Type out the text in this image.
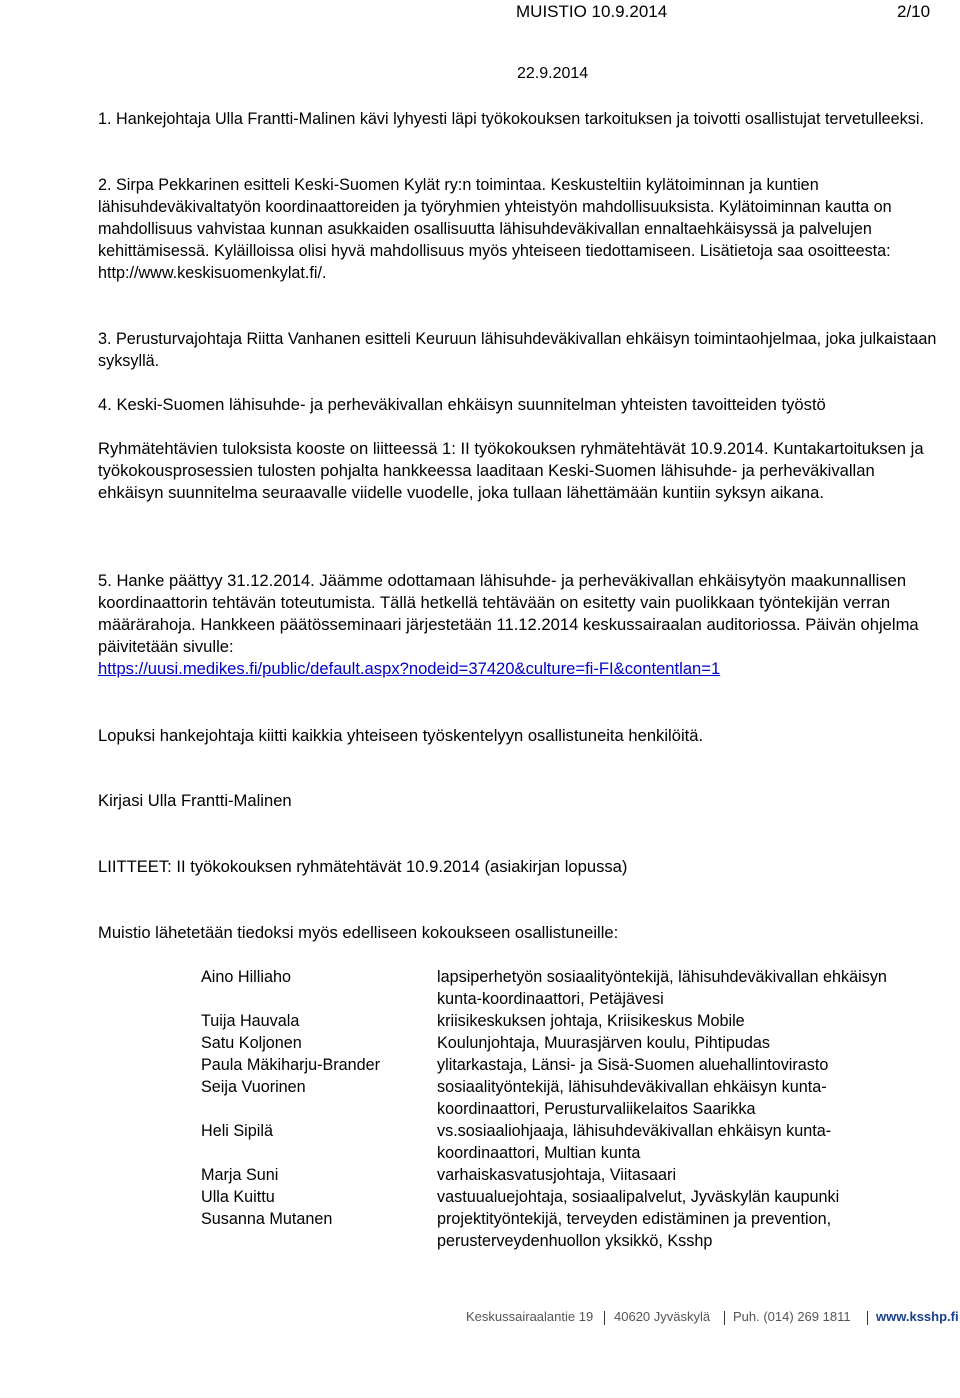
MUISTIO 10.9.2014	2/10
22.9.2014

1. Hankejohtaja Ulla Frantti-Malinen kävi lyhyesti läpi työkokouksen tarkoituksen ja toivotti osallistujat tervetulleeksi.

2. Sirpa Pekkarinen esitteli Keski-Suomen Kylät ry:n toimintaa. Keskusteltiin kylätoiminnan ja kuntien lähisuhdeväkivaltatyön koordinaattoreiden ja työryhmien yhteistyön mahdollisuuksista. Kylätoiminnan kautta on mahdollisuus vahvistaa kunnan asukkaiden osallisuutta lähisuhdeväkivallan ennaltaehkäisyssä ja palvelujen kehittämisessä. Kyläilloissa olisi hyvä mahdollisuus myös yhteiseen tiedottamiseen. Lisätietoja saa osoitteesta: http://www.keskisuomenkylat.fi/.

3. Perusturvajohtaja Riitta Vanhanen esitteli Keuruun lähisuhdeväkivallan ehkäisyn toimintaohjelmaa, joka julkaistaan syksyllä.

4. Keski-Suomen lähisuhde- ja perheväkivallan ehkäisyn suunnitelman yhteisten tavoitteiden työstö

Ryhmätehtävien tuloksista kooste on liitteessä 1: II työkokouksen ryhmätehtävät 10.9.2014. Kuntakartoituksen ja työkokousprosessien tulosten pohjalta hankkeessa laaditaan Keski-Suomen lähisuhde- ja perheväkivallan ehkäisyn suunnitelma seuraavalle viidelle vuodelle, joka tullaan lähettämään kuntiin syksyn aikana.

5. Hanke päättyy 31.12.2014. Jäämme odottamaan lähisuhde- ja perheväkivallan ehkäisytyön maakunnallisen koordinaattorin tehtävän toteutumista. Tällä hetkellä tehtävään on esitetty vain puolikkaan työntekijän verran määrärahoja. Hankkeen päätösseminaari järjestetään 11.12.2014 keskussairaalan auditoriossa. Päivän ohjelma päivitetään sivulle:
https://uusi.medikes.fi/public/default.aspx?nodeid=37420&culture=fi-FI&contentlan=1

Lopuksi hankejohtaja kiitti kaikkia yhteiseen työskentelyyn osallistuneita henkilöitä.
Kirjasi Ulla Frantti-Malinen
LIITTEET: II työkokouksen ryhmätehtävät 10.9.2014 (asiakirjan lopussa)
Muistio lähetetään tiedoksi myös edelliseen kokoukseen osallistuneille:
Aino Hilliaho	lapsiperhetyön sosiaalityöntekijä, lähisuhdeväkivallan ehkäisyn kunta-koordinaattori, Petäjävesi
Tuija Hauvala	kriisikeskuksen johtaja, Kriisikeskus Mobile
Satu Koljonen	Koulunjohtaja, Muurasjärven koulu, Pihtipudas
Paula Mäkiharju-Brander	ylitarkastaja, Länsi- ja Sisä-Suomen aluehallintovirasto
Seija Vuorinen	sosiaalityöntekijä, lähisuhdeväkivallan ehkäisyn kunta-koordinaattori, Perusturvaliikelaitos Saarikka
Heli Sipilä	vs.sosiaaliohjaaja, lähisuhdeväkivallan ehkäisyn kunta-koordinaattori, Multian kunta
Marja Suni	varhaiskasvatusjohtaja, Viitasaari
Ulla Kuittu	vastuualuejohtaja, sosiaalipalvelut, Jyväskylän kaupunki
Susanna Mutanen	projektityöntekijä, terveyden edistäminen ja prevention, perusterveydenhuollon yksikkö, Ksshp
Keskussairaalantie 19 40620 Jyväskylä Puh. (014) 269 1811 www.ksshp.fi
